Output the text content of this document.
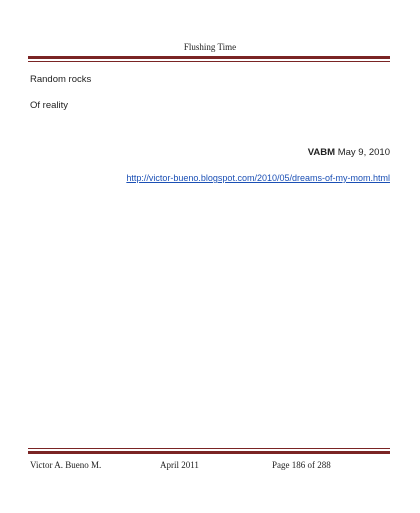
Flushing Time
Random rocks
Of reality
VABM May 9, 2010
http://victor-bueno.blogspot.com/2010/05/dreams-of-my-mom.html
Victor A. Bueno M.	April 2011	Page 186 of 288
